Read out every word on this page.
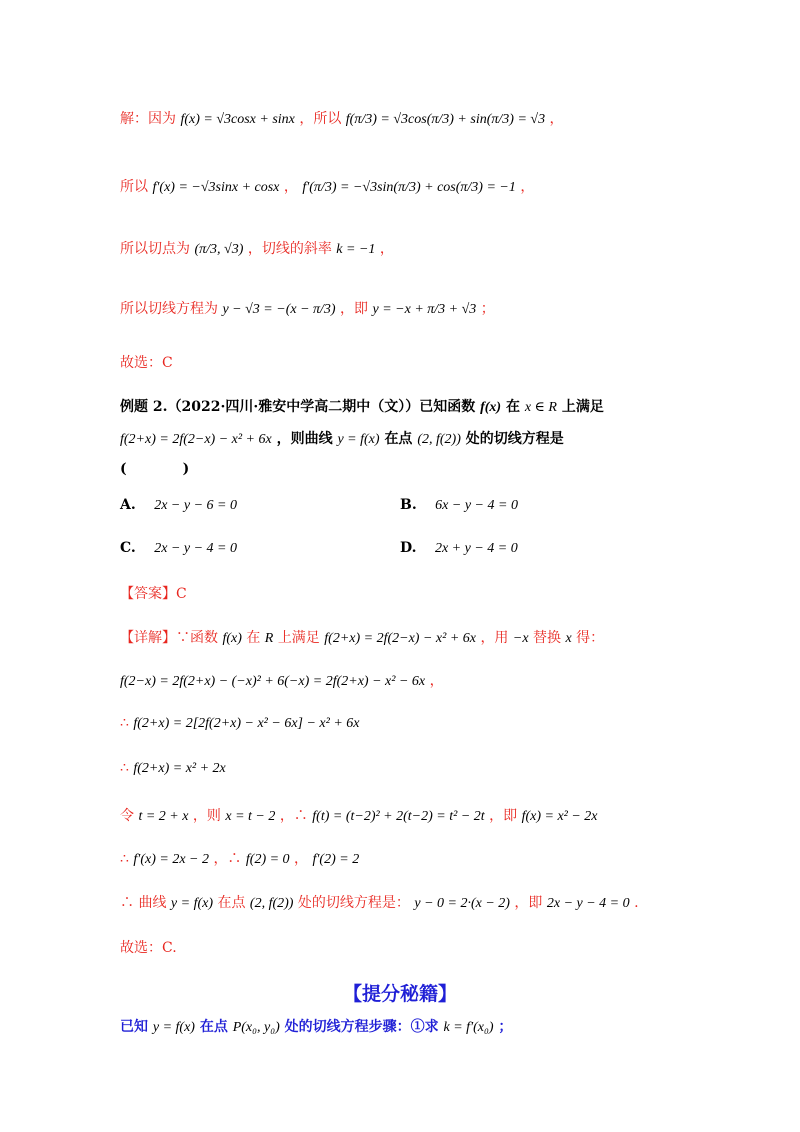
解：因为 f(x) = √3cosx + sinx ，所以 f(π/3) = √3cos(π/3) + sin(π/3) = √3 ，
所以 f′(x) = −√3sinx + cosx ， f′(π/3) = −√3sin(π/3) + cos(π/3) = −1 ，
所以切点为 (π/3, √3) ，切线的斜率 k = −1 ，
所以切线方程为 y − √3 = −(x − π/3) ，即 y = −x + π/3 + √3 ；
故选：C
例题 2.（2022·四川·雅安中学高二期中（文））已知函数 f(x) 在 x ∈ R 上满足
f(2+x) = 2f(2−x) − x² + 6x ，则曲线 y = f(x) 在点 (2, f(2)) 处的切线方程是
(　　　　)
A. 2x − y − 6 = 0	B. 6x − y − 4 = 0
C. 2x − y − 4 = 0	D. 2x + y − 4 = 0
【答案】C
【详解】∵函数 f(x) 在 R 上满足 f(2+x) = 2f(2−x) − x² + 6x ，用 −x 替换 x 得：
f(2−x) = 2f(2+x) − (−x)² + 6(−x) = 2f(2+x) − x² − 6x ，
∴ f(2+x) = 2[2f(2+x) − x² − 6x] − x² + 6x
∴ f(2+x) = x² + 2x
令 t = 2 + x ，则 x = t − 2 ，∴ f(t) = (t−2)² + 2(t−2) = t² − 2t ，即 f(x) = x² − 2x
∴ f′(x) = 2x − 2 ，∴ f(2) = 0 ， f′(2) = 2
∴ 曲线 y = f(x) 在点 (2, f(2)) 处的切线方程是： y − 0 = 2·(x − 2) ，即 2x − y − 4 = 0 .
故选：C.
【提分秘籍】
已知 y = f(x) 在点 P(x₀, y₀) 处的切线方程步骤：①求 k = f′(x₀) ；
